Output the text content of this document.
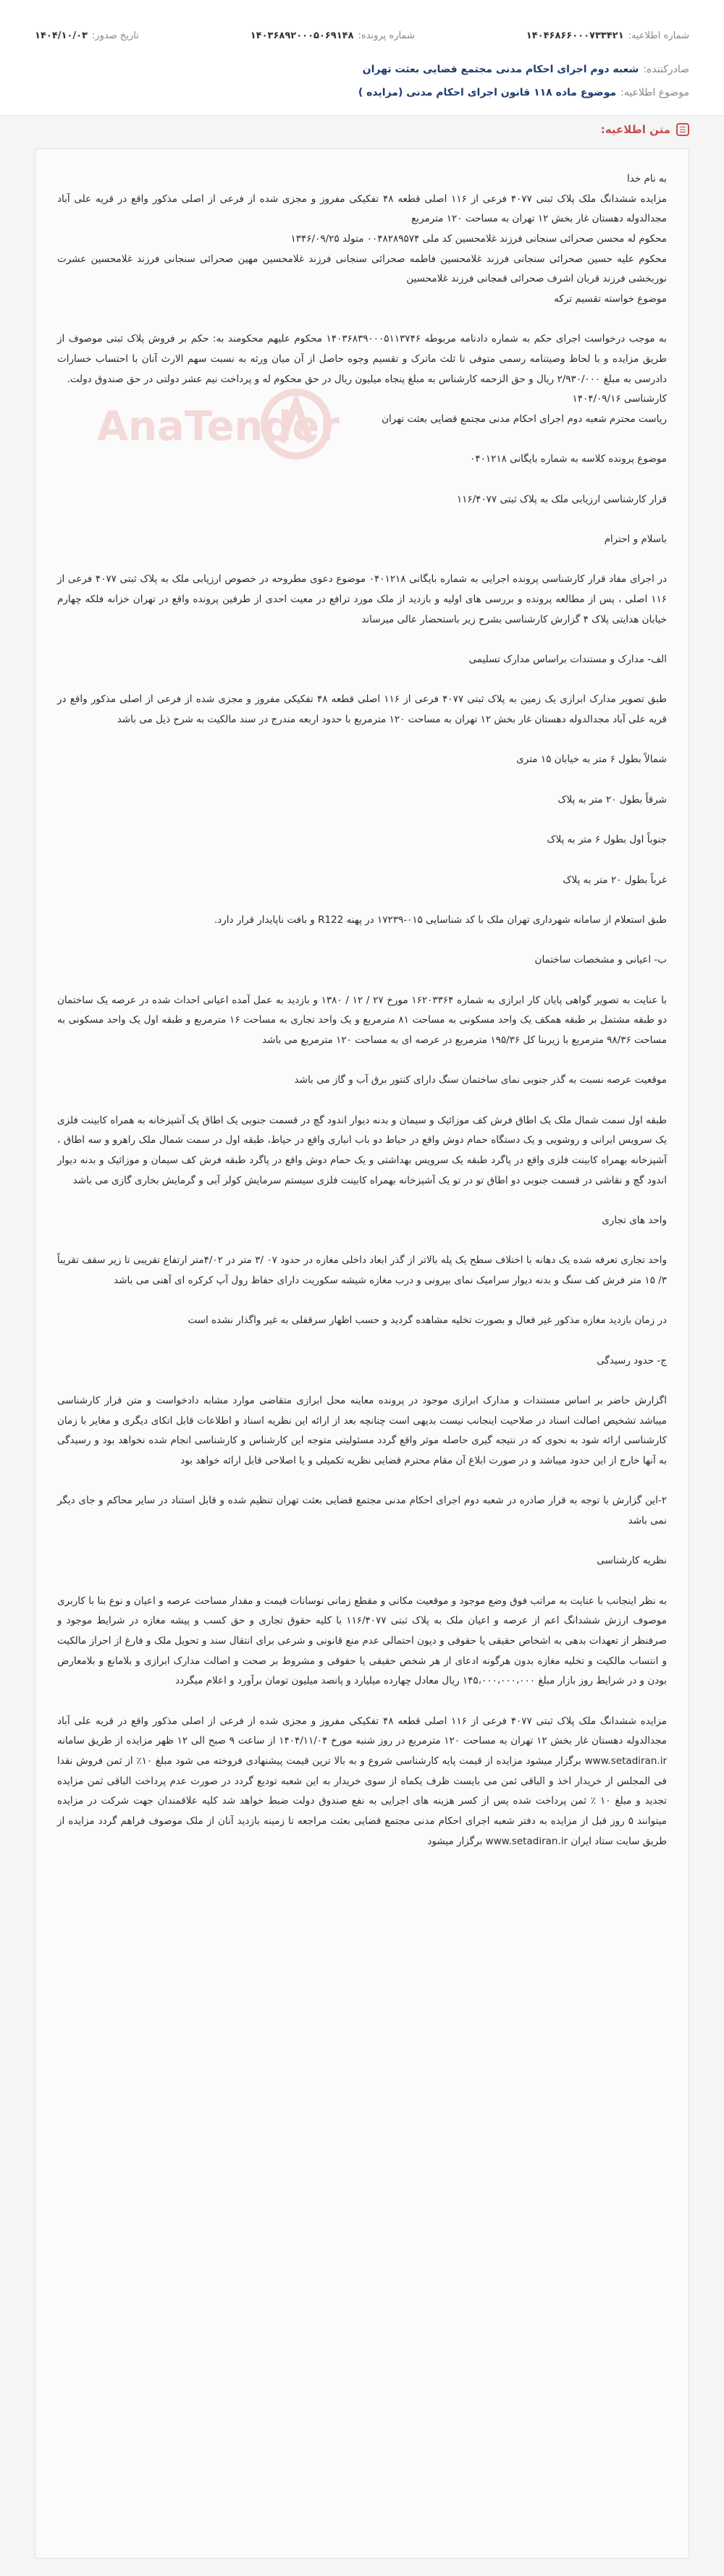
شماره اطلاعیه:
۱۴۰۴۶۸۶۶۰۰۰۷۳۳۴۲۱
شماره پرونده:
۱۴۰۳۶۸۹۲۰۰۰۵۰۶۹۱۴۸
تاریخ صدور:
۱۴۰۴/۱۰/۰۳
صادرکننده:
شعبه دوم اجرای احکام مدنی مجتمع قضایی بعثت تهران
موضوع اطلاعیه:
موضوع ماده ۱۱۸ قانون اجرای احکام مدنی (مزایده )
☰
متن اطلاعیه:
AnaTender

به نام خدا

مزایده ششدانگ ملک پلاک ثبتی ۴۰۷۷ فرعی از ۱۱۶ اصلی قطعه ۴۸ تفکیکی مفروز و مجزی شده از فرعی از اصلی مذکور واقع در قریه علی آباد مجدالدوله دهستان غار بخش ۱۲ تهران به مساحت ۱۲۰ مترمربع

محکوم له محسن صحرائی سنجانی فرزند غلامحسین کد ملی ۰۰۴۸۲۸۹۵۷۴ متولد ۱۳۴۶/۰۹/۲۵

محکوم علیه حسین صحرائی سنجانی فرزند غلامحسین فاطمه صحرائی سنجانی فرزند غلامحسین مهین صحرائی سنجانی فرزند غلامحسین عشرت نوربخشی فرزند قربان اشرف صحرائی قمجانی فرزند غلامحسین

موضوع خواسته تقسیم ترکه

به موجب درخواست اجرای حکم به شماره دادنامه مربوطه ۱۴۰۳۶۸۳۹۰۰۰۵۱۱۳۷۴۶ محکوم علیهم محکومند به: حکم بر فروش پلاک ثبتی موصوف از طریق مزایده و با لحاظ وصیتنامه رسمی متوفی تا ثلث ماترک و تقسیم وجوه حاصل از آن میان ورثه به نسبت سهم الارث آنان با احتساب خسارات دادرسی به مبلغ ۲/۹۳۰/۰۰۰ ریال و حق الزحمه کارشناس به مبلغ پنجاه میلیون ریال در حق محکوم له و پرداخت نیم عشر دولتی در حق صندوق دولت.

کارشناسی ۱۴۰۴/۰۹/۱۶

ریاست محترم شعبه دوم اجرای احکام مدنی مجتمع قضایی بعثت تهران

موضوع پرونده کلاسه به شماره بایگانی ۰۴۰۱۲۱۸

قرار کارشناسی ارزیابی ملک به پلاک ثبتی ۱۱۶/۴۰۷۷

باسلام و احترام

در اجرای مفاد قرار کارشناسی پرونده اجرایی به شماره بایگانی ۰۴۰۱۲۱۸ موضوع دعوی مطروحه در خصوص ارزیابی ملک به پلاک ثبتی ۴۰۷۷ فرعی از ۱۱۶ اصلی ، پس از مطالعه پرونده و بررسی های اولیه و بازدید از ملک مورد ترافع در معیت احدی از طرفین پرونده واقع در تهران خزانه فلکه چهارم خیابان هدایتی پلاک ۴ گزارش کارشناسی بشرح زیر باستحضار عالی میرساند

الف- مدارک و مستندات براساس مدارک تسلیمی

طبق تصویر مدارک ابرازی یک زمین به پلاک ثبتی ۴۰۷۷ فرعی از ۱۱۶ اصلی قطعه ۴۸ تفکیکی مفروز و مجزی شده از فرعی از اصلی مذکور واقع در قریه علی آباد مجدالدوله دهستان غار بخش ۱۲ تهران به مساحت ۱۲۰ مترمربع با حدود اربعه مندرج در سند مالکیت به شرح ذیل می باشد

شمالاً بطول ۶ متر به خیابان ۱۵ متری

شرقاً بطول ۲۰ متر به پلاک

جنوباً اول بطول ۶ متر به پلاک

غرباً بطول ۲۰ متر به پلاک

طبق استعلام از سامانه شهرداری تهران ملک با کد شناسایی ۰۱۵-۱۷۲۳۹ در پهنه R122 و بافت ناپایدار قرار دارد.

ب- اعیانی و مشخصات ساختمان

با عنایت به تصویر گواهی پایان کار ابرازی به شماره ۱۶۲۰۳۳۶۴ مورخ ۲۷ / ۱۲ / ۱۳۸۰ و بازدید به عمل آمده اعیانی احداث شده در عرصه یک ساختمان دو طبقه مشتمل بر طبقه همکف یک واحد مسکونی به مساحت ۸۱ مترمربع و یک واحد تجاری به مساحت ۱۶ مترمربع و طبقه اول یک واحد مسکونی به مساحت ۹۸/۳۶ مترمربع با زیربنا کل ۱۹۵/۳۶ مترمربع در عرصه ای به مساحت ۱۲۰ مترمربع می باشد

موقعیت عرصه نسبت به گذر جنوبی نمای ساختمان سنگ دارای کنتور برق آب و گاز می باشد

طبقه اول سمت شمال ملک یک اطاق فرش کف موزائیک و سیمان و بدنه دیوار اندود گچ در قسمت جنوبی یک اطاق یک آشپزخانه به همراه کابینت فلزی یک سرویس ایرانی و روشویی و یک دستگاه حمام دوش واقع در حیاط دو باب انباری واقع در حیاط، طبقه اول در سمت شمال ملک راهرو و سه اطاق ، آشپزخانه بهمراه کابینت فلزی واقع در پاگرد طبقه یک سرویس بهداشتی و یک حمام دوش واقع در پاگرد طبقه فرش کف سیمان و موزائیک و بدنه دیوار اندود گچ و نقاشی در قسمت جنوبی دو اطاق تو در تو یک آشپزخانه بهمراه کابینت فلزی سیستم سرمایش کولر آبی و گرمایش بخاری گازی می باشد

واحد های تجاری

واحد تجاری تعرفه شده یک دهانه با اختلاف سطح یک پله بالاتر از گذر ابعاد داخلی مغازه در حدود ۰۷ /۳ متر در ۴/۰۲متر ارتفاع تقریبی تا زیر سقف تقریباً ۳/ ۱۵ متر فرش کف سنگ و بدنه دیوار سرامیک نمای بیرونی و درب مغازه شیشه سکوریت دارای حفاظ رول آپ کرکره ای آهنی می باشد

در زمان بازدید مغازه مذکور غیر فعال و بصورت تخلیه مشاهده گردید و حسب اظهار سرقفلی به غیر واگذار نشده است

ج- حدود رسیدگی

اگزارش حاضر بر اساس مستندات و مدارک ابرازی موجود در پرونده معاینه محل ابرازی متقاضی موارد مشابه دادخواست و متن قرار کارشناسی میباشد تشخیص اصالت اسناد در صلاحیت اینجانب نیست بدیهی است چنانچه بعد از ارائه این نظریه اسناد و اطلاعات قابل اتکای دیگری و مغایر با زمان کارشناسی ارائه شود به نحوی که در نتیجه گیری حاصله موثر واقع گردد مسئولیتی متوجه این کارشناس و کارشناسی انجام شده نخواهد بود و رسیدگی به آنها خارج از این حدود میباشد و در صورت ابلاغ آن مقام محترم قضایی نظریه تکمیلی و یا اصلاحی قابل ارائه خواهد بود

۲-این گزارش با توجه به قرار صادره در شعبه دوم اجرای احکام مدنی مجتمع قضایی بعثت تهران تنظیم شده و قابل استناد در سایر محاکم و جای دیگر نمی باشد

نظریه کارشناسی

به نظر اینجانب با عنایت به مراتب فوق وضع موجود و موقعیت مکانی و مقطع زمانی نوسانات قیمت و مقدار مساحت عرصه و اعیان و نوع بنا با کاربری موصوف ارزش ششدانگ اعم از عرصه و اعیان ملک به پلاک ثبتی ۱۱۶/۴۰۷۷ با کلیه حقوق تجاری و حق کسب و پیشه مغازه در شرایط موجود و صرفنظر از تعهدات بدهی به اشخاص حقیقی یا حقوقی و دیون احتمالی عدم منع قانونی و شرعی برای انتقال سند و تحویل ملک و فارغ از احراز مالکیت و انتساب مالکیت و تخلیه مغازه بدون هرگونه ادعای از هر شخص حقیقی یا حقوقی و مشروط بر صحت و اصالت مدارک ابرازی و بلامانع و بلامعارض بودن و در شرایط روز بازار مبلغ ۱۴۵،۰۰۰،۰۰۰،۰۰۰ ریال معادل چهارده میلیارد و پانصد میلیون تومان برآورد و اعلام میگردد

مزایده ششدانگ ملک پلاک ثبتی ۴۰۷۷ فرعی از ۱۱۶ اصلی قطعه ۴۸ تفکیکی مفروز و مجزی شده از فرعی از اصلی مذکور واقع در قریه علی آباد مجدالدوله دهستان غار بخش ۱۲ تهران به مساحت ۱۲۰ مترمربع در روز شنبه مورخ ۱۴۰۴/۱۱/۰۴ از ساعت ۹ صبح الی ۱۲ ظهر مزایده از طریق سامانه www.setadiran.ir برگزار میشود مزایده از قیمت پایه کارشناسی شروع و به بالا ترین قیمت پیشنهادی فروخته می شود مبلغ ۱۰٪ از ثمن فروش نقدا فی المجلس از خریدار اخذ و الباقی ثمن می بایست ظرف یکماه از سوی خریدار به این شعبه تودیع گردد در صورت عدم پرداخت الباقی ثمن مزایده تجدید و مبلغ ۱۰ ٪ ثمن پرداخت شده پس از کسر هزینه های اجرایی به نفع صندوق دولت ضبط خواهد شد کلیه علاقمندان جهت شرکت در مزایده میتوانند ۵ روز قبل از مزایده به دفتر شعبه اجرای احکام مدنی مجتمع قضایی بعثت مراجعه تا زمینه بازدید آنان از ملک موصوف فراهم گردد مزایده از طریق سایت ستاد ایران www.setadiran.ir برگزار میشود
